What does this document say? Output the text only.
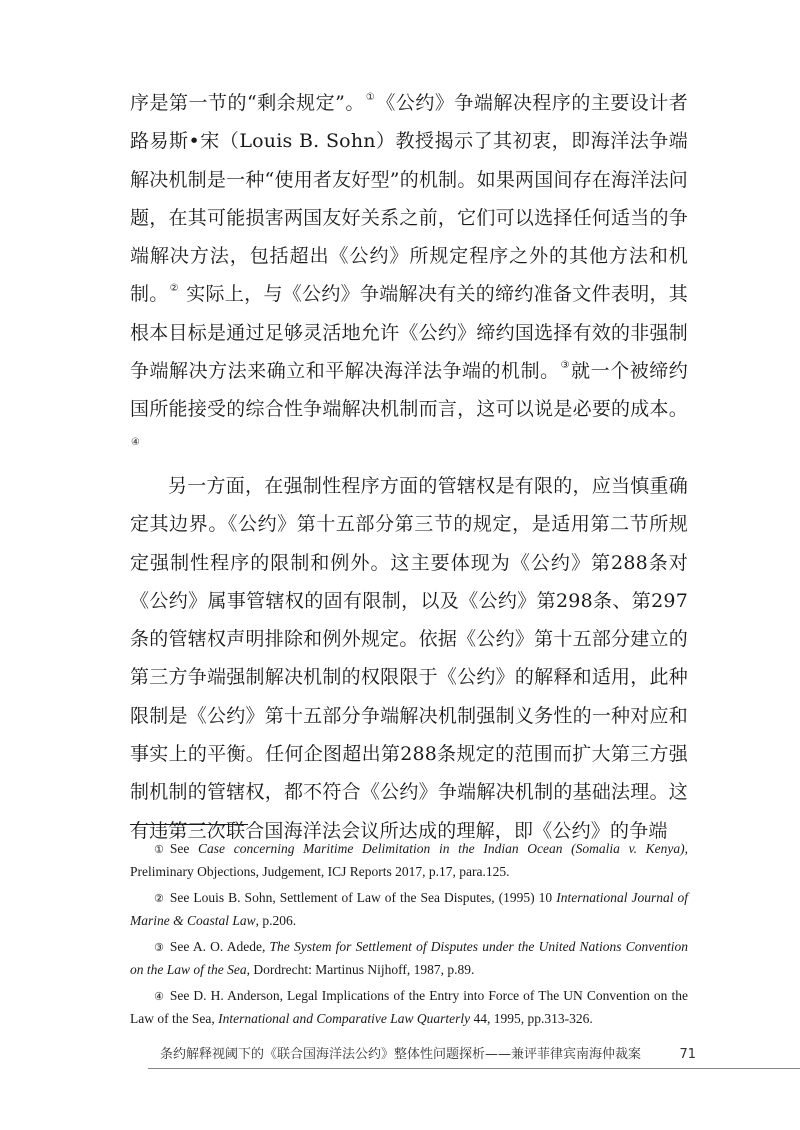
序是第一节的“剩余规定”。①《公约》争端解决程序的主要设计者路易斯•宋（Louis B. Sohn）教授揭示了其初衷，即海洋法争端解决机制是一种“使用者友好型”的机制。如果两国间存在海洋法问题，在其可能损害两国友好关系之前，它们可以选择任何适当的争端解决方法，包括超出《公约》所规定程序之外的其他方法和机制。② 实际上，与《公约》争端解决有关的缔约准备文件表明，其根本目标是通过足够灵活地允许《公约》缔约国选择有效的非强制争端解决方法来确立和平解决海洋法争端的机制。③就一个被缔约国所能接受的综合性争端解决机制而言，这可以说是必要的成本。④

另一方面，在强制性程序方面的管辖权是有限的，应当慎重确定其边界。《公约》第十五部分第三节的规定，是适用第二节所规定强制性程序的限制和例外。这主要体现为《公约》第288条对《公约》属事管辖权的固有限制，以及《公约》第298条、第297条的管辖权声明排除和例外规定。依据《公约》第十五部分建立的第三方争端强制解决机制的权限限于《公约》的解释和适用，此种限制是《公约》第十五部分争端解决机制强制义务性的一种对应和事实上的平衡。任何企图超出第288条规定的范围而扩大第三方强制机制的管辖权，都不符合《公约》争端解决机制的基础法理。这有违第三次联合国海洋法会议所达成的理解，即《公约》的争端

① See Case concerning Maritime Delimitation in the Indian Ocean (Somalia v. Kenya), Preliminary Objections, Judgement, ICJ Reports 2017, p.17, para.125.

② See Louis B. Sohn, Settlement of Law of the Sea Disputes, (1995) 10 International Journal of Marine & Coastal Law, p.206.

③ See A. O. Adede, The System for Settlement of Disputes under the United Nations Convention on the Law of the Sea, Dordrecht: Martinus Nijhoff, 1987, p.89.

④ See D. H. Anderson, Legal Implications of the Entry into Force of The UN Convention on the Law of the Sea, International and Comparative Law Quarterly 44, 1995, pp.313-326.

条约解释视阈下的《联合国海洋法公约》整体性问题探析——兼评菲律宾南海仲裁案	71
